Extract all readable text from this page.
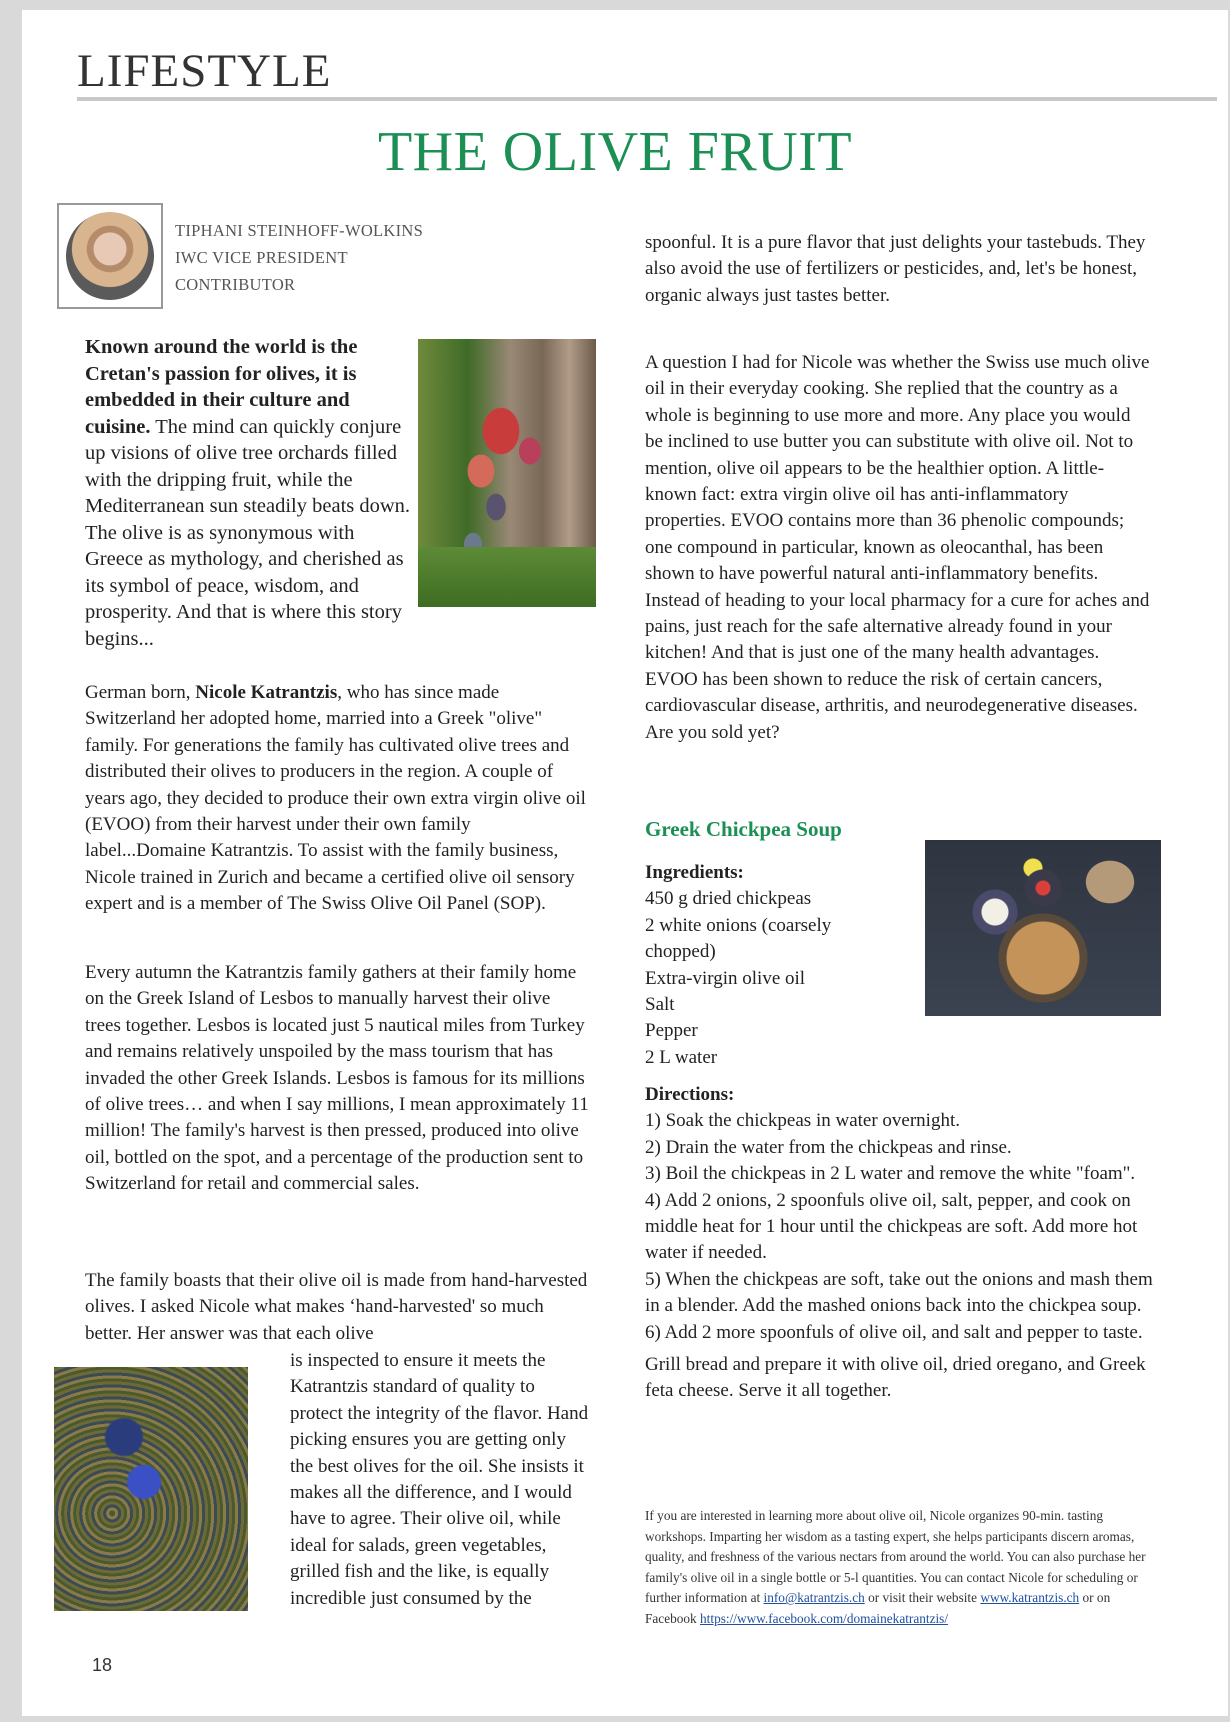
LIFESTYLE
THE OLIVE FRUIT
TIPHANI STEINHOFF-WOLKINS
IWC VICE PRESIDENT
CONTRIBUTOR
Known around the world is the Cretan's passion for olives, it is embedded in their culture and cuisine. The mind can quickly conjure up visions of olive tree orchards filled with the dripping fruit, while the Mediterranean sun steadily beats down. The olive is as synonymous with Greece as mythology, and cherished as its symbol of peace, wisdom, and prosperity. And that is where this story begins...
German born, Nicole Katrantzis, who has since made Switzerland her adopted home, married into a Greek "olive" family. For generations the family has cultivated olive trees and distributed their olives to producers in the region. A couple of years ago, they decided to produce their own extra virgin olive oil (EVOO) from their harvest under their own family label...Domaine Katrantzis. To assist with the family business, Nicole trained in Zurich and became a certified olive oil sensory expert and is a member of The Swiss Olive Oil Panel (SOP).
Every autumn the Katrantzis family gathers at their family home on the Greek Island of Lesbos to manually harvest their olive trees together. Lesbos is located just 5 nautical miles from Turkey and remains relatively unspoiled by the mass tourism that has invaded the other Greek Islands. Lesbos is famous for its millions of olive trees… and when I say millions, I mean approximately 11 million! The family's harvest is then pressed, produced into olive oil, bottled on the spot, and a percentage of the production sent to Switzerland for retail and commercial sales.
The family boasts that their olive oil is made from hand-harvested olives. I asked Nicole what makes ‘hand-harvested' so much better. Her answer was that each olive
is inspected to ensure it meets the Katrantzis standard of quality to protect the integrity of the flavor. Hand picking ensures you are getting only the best olives for the oil. She insists it makes all the difference, and I would have to agree. Their olive oil, while ideal for salads, green vegetables, grilled fish and the like, is equally incredible just consumed by the
spoonful. It is a pure flavor that just delights your tastebuds. They also avoid the use of fertilizers or pesticides, and, let's be honest, organic always just tastes better.
A question I had for Nicole was whether the Swiss use much olive oil in their everyday cooking. She replied that the country as a whole is beginning to use more and more. Any place you would be inclined to use butter you can substitute with olive oil. Not to mention, olive oil appears to be the healthier option. A little-known fact: extra virgin olive oil has anti-inflammatory properties. EVOO contains more than 36 phenolic compounds; one compound in particular, known as oleocanthal, has been shown to have powerful natural anti-inflammatory benefits. Instead of heading to your local pharmacy for a cure for aches and pains, just reach for the safe alternative already found in your kitchen! And that is just one of the many health advantages. EVOO has been shown to reduce the risk of certain cancers, cardiovascular disease, arthritis, and neurodegenerative diseases. Are you sold yet?
Greek Chickpea Soup
Ingredients:
450 g dried chickpeas
2 white onions (coarsely
chopped)
Extra-virgin olive oil
Salt
Pepper
2 L water
Directions:
1) Soak the chickpeas in water overnight.
2) Drain the water from the chickpeas and rinse.
3) Boil the chickpeas in 2 L water and remove the white "foam".
4) Add 2 onions, 2 spoonfuls olive oil, salt, pepper, and cook on middle heat for 1 hour until the chickpeas are soft. Add more hot water if needed.
5) When the chickpeas are soft, take out the onions and mash them in a blender. Add the mashed onions back into the chickpea soup.
6) Add 2 more spoonfuls of olive oil, and salt and pepper to taste.
Grill bread and prepare it with olive oil, dried oregano, and Greek feta cheese. Serve it all together.
If you are interested in learning more about olive oil, Nicole organizes 90-min. tasting workshops. Imparting her wisdom as a tasting expert, she helps participants discern aromas, quality, and freshness of the various nectars from around the world. You can also purchase her family's olive oil in a single bottle or 5-l quantities. You can contact Nicole for scheduling or further information at info@katrantzis.ch or visit their website www.katrantzis.ch or on Facebook https://www.facebook.com/domainekatrantzis/
18
